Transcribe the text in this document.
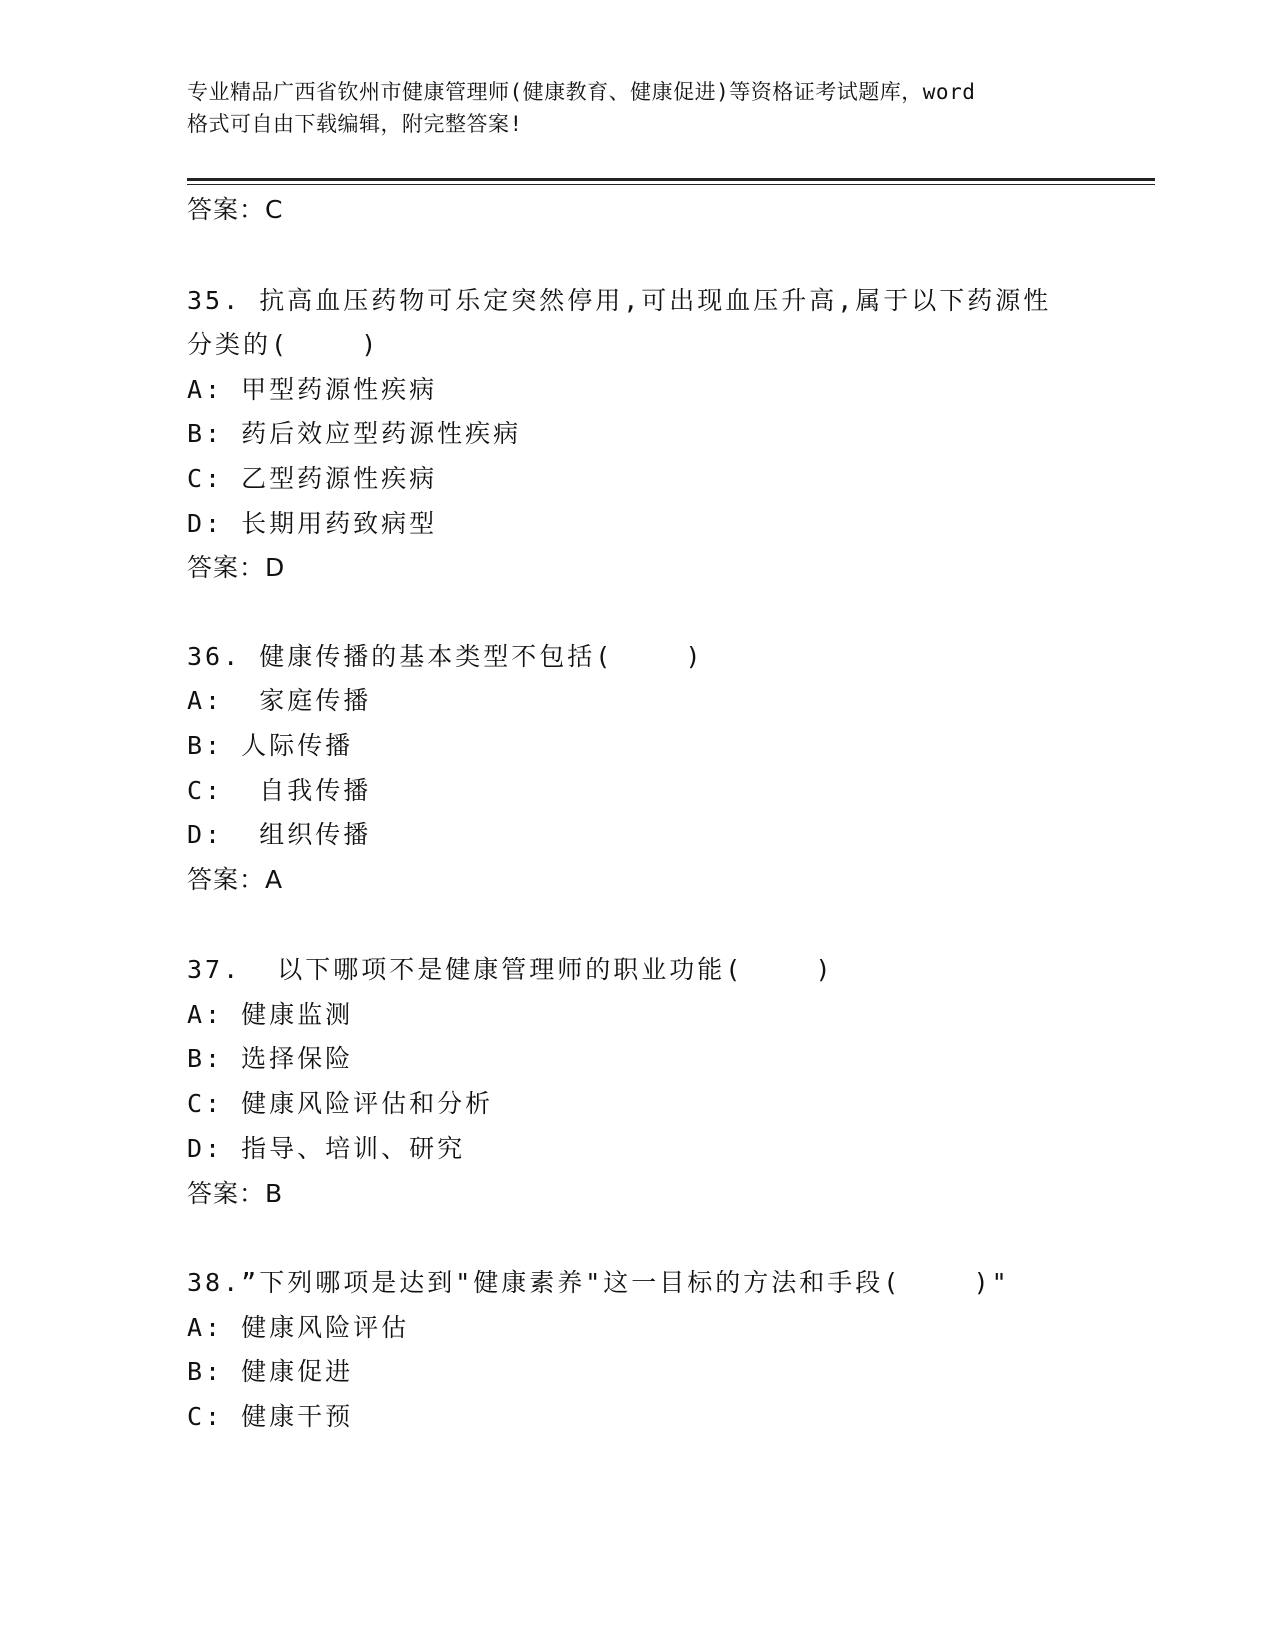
专业精品广西省钦州市健康管理师(健康教育、健康促进)等资格证考试题库，word
格式可自由下载编辑，附完整答案!
答案：C
35. 抗高血压药物可乐定突然停用,可出现血压升高,属于以下药源性
分类的(    )
A: 甲型药源性疾病
B: 药后效应型药源性疾病
C: 乙型药源性疾病
D: 长期用药致病型
答案：D
36. 健康传播的基本类型不包括(    )
A:  家庭传播
B: 人际传播
C:  自我传播
D:  组织传播
答案：A
37.  以下哪项不是健康管理师的职业功能(    )
A: 健康监测
B: 选择保险
C: 健康风险评估和分析
D: 指导、培训、研究
答案：B
38.”下列哪项是达到"健康素养"这一目标的方法和手段(    )"
A: 健康风险评估
B: 健康促进
C: 健康干预
